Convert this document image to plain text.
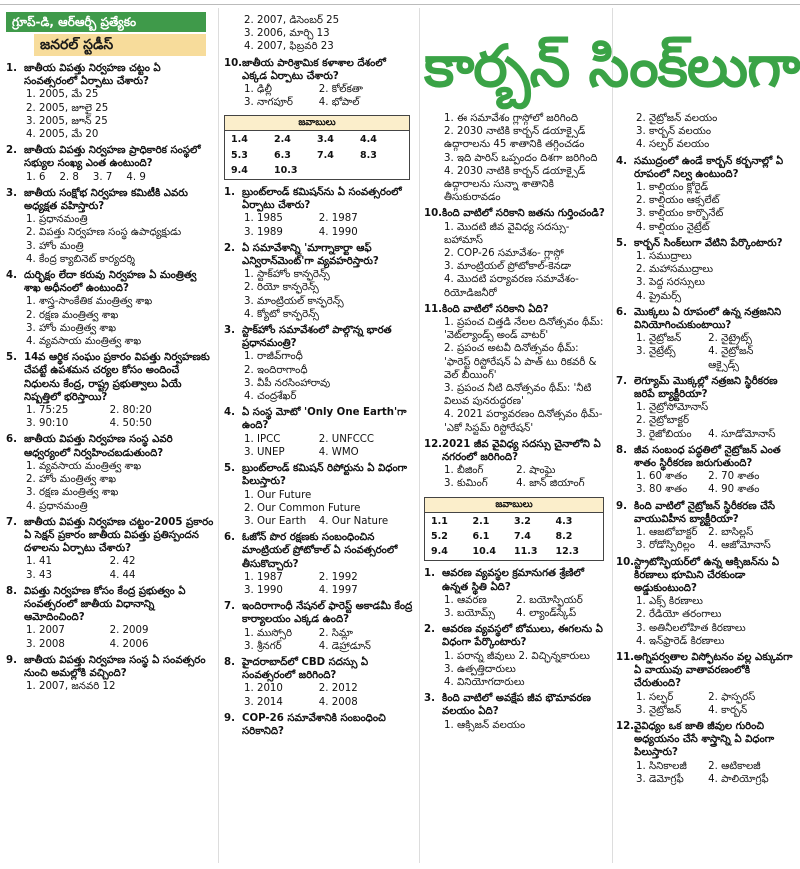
కార్బన్ సింక్‌లుగా
గ్రూప్-డి, ఆర్ఆర్బీ ప్రత్యేకం
జనరల్ స్టడీస్
1. జాతీయ విపత్తు నిర్వహణ చట్టం ఏ సంవత్సరంలో ఏర్పాటు చేశారు?
1. 2005, మే 25
2. 2005, జూలై 25
3. 2005, జూన్ 25
4. 2005, మే 20
2. జాతీయ విపత్తు నిర్వహణ ప్రాధికారిక సంస్థలో సభ్యుల సంఖ్య ఎంత ఉంటుంది?
1. 6 2. 8 3. 7 4. 9
3. జాతీయ సంక్షోభ నిర్వహణ కమిటీకి ఎవరు అధ్యక్షత వహిస్తారు?
1. ప్రధానమంత్రి
2. విపత్తు నిర్వహణ సంస్థ ఉపాధ్యక్షుడు
3. హోం మంత్రి
4. కేంద్ర క్యాబినెట్ కార్యదర్శి
4. దుర్భిక్షం లేదా కరువు నిర్వహణ ఏ మంత్రిత్వ శాఖ అధీనంలో ఉంటుంది?
1. శాస్త్ర-సాంకేతిక మంత్రిత్వ శాఖ
2. రక్షణ మంత్రిత్వ శాఖ
3. హోం మంత్రిత్వ శాఖ
4. వ్యవసాయ మంత్రిత్వ శాఖ
5. 14వ ఆర్థిక సంఘం ప్రకారం విపత్తు నిర్వహణకు చేపట్టే ఉపశమన చర్యల కోసం అందించే నిధులను కేంద్ర, రాష్ట్ర ప్రభుత్వాలు ఏయే నిష్పత్తిలో భరిస్తాయి?
1. 75:25	2. 80:20
3. 90:10	4. 50:50
6. జాతీయ విపత్తు నిర్వహణ సంస్థ ఎవరి ఆధ్వర్యంలో నిర్వహించబడుతుంది?
1. వ్యవసాయ మంత్రిత్వ శాఖ
2. హోం మంత్రిత్వ శాఖ
3. రక్షణ మంత్రిత్వ శాఖ
4. ప్రధానమంత్రి
7. జాతీయ విపత్తు నిర్వహణ చట్టం-2005 ప్రకారం ఏ సెక్షన్ ప్రకారం జాతీయ విపత్తు ప్రతిస్పందన దళాలను ఏర్పాటు చేశారు?
1. 41	2. 42
3. 43	4. 44
8. విపత్తు నిర్వహణ కోసం కేంద్ర ప్రభుత్వం ఏ సంవత్సరంలో జాతీయ విధానాన్ని ఆమోదించింది?
1. 2007	2. 2009
3. 2008	4. 2006
9. జాతీయ విపత్తు నిర్వహణ సంస్థ ఏ సంవత్సరం నుంచి అమల్లోకి వచ్చింది?
1. 2007, జనవరి 12
2. 2007, డిసెంబర్ 25
3. 2006, మార్చి 13
4. 2007, ఫిబ్రవరి 23
10. జాతీయ పారిశ్రామిక కళాశాల దేశంలో ఎక్కడ ఏర్పాటు చేశారు?
1. ఢిల్లీ	2. కోల్‌కతా
3. నాగపూర్	4. భోపాల్
జవాబులు
1.4	2.4	3.4	4.4
5.3	6.3	7.4	8.3
9.4	10.3
1. బ్రుంట్‌లాండ్ కమిషన్‌ను ఏ సంవత్సరంలో ఏర్పాటు చేశారు?
1. 1985	2. 1987
3. 1989	4. 1990
2. ఏ సమావేశాన్ని 'మాగ్నాకార్టా ఆఫ్ ఎన్విరాన్‌మెంట్'గా వ్యవహరిస్తారు?
1. స్టాక్‌హోం కాన్ఫరెన్స్
2. రియో కాన్ఫరెన్స్
3. మాంట్రియల్ కాన్ఫరెన్స్
4. క్యోటో కాన్ఫరెన్స్
3. స్టాక్‌హోం సమావేశంలో పాల్గొన్న భారత ప్రధానమంత్రి?
1. రాజీవ్‌గాంధీ
2. ఇందిరాగాంధీ
3. వీపీ నరసింహారావు
4. చంద్రశేఖర్
4. ఏ సంస్థ మోటో 'Only One Earth'గా ఉంది?
1. IPCC	2. UNFCCC
3. UNEP	4. WMO
5. బ్రుంట్‌లాండ్ కమిషన్ రిపోర్టును ఏ విధంగా పిలుస్తారు?
1. Our Future
2. Our Common Future
3. Our Earth	4. Our Nature
6. ఓజోన్ పొర రక్షణకు సంబంధించిన మాంట్రియల్ ప్రోటోకాల్ ఏ సంవత్సరంలో తీసుకొచ్చారు?
1. 1987	2. 1992
3. 1990	4. 1997
7. ఇందిరాగాంధీ నేషనల్ ఫారెస్ట్ అకాడమీ కేంద్ర కార్యాలయం ఎక్కడ ఉంది?
1. ముస్సోరి	2. సిమ్లా
3. శ్రీనగర్	4. డెహ్రాడూన్
8. హైదరాబాద్‌లో CBD సదస్సు ఏ సంవత్సరంలో జరిగింది?
1. 2010	2. 2012
3. 2014	4. 2008
9. COP-26 సమావేశానికి సంబంధించి సరికానిది?
1. ఈ సమావేశం గ్లాస్గోలో జరిగింది
2. 2030 నాటికి కార్బన్ డయాక్సైడ్ ఉద్గారాలను 45 శాతానికి తగ్గించడం
3. ఇది పారిస్ ఒప్పందం దిశగా జరిగింది
4. 2030 నాటికి కార్బన్ డయాక్సైడ్ ఉద్గారాలను సున్నా శాతానికి తీసుకురావడం
10. కింది వాటిలో సరికాని జతను గుర్తించండి?
1. మొదటి జీవ వైవిధ్య సదస్సు-బహామాస్
2. COP-26 సమావేశం- గ్లాస్గో
3. మాంట్రియల్ ప్రోటోకాల్-కెనడా
4. మొదటి పర్యావరణ సమావేశం-రియోడిజనీరో
11. కింది వాటిలో సరికాని ఏది?
1. ప్రపంచ చిత్తడి నేలల దినోత్సవం థీమ్: 'వెట్‌ల్యాండ్స్ అండ్ వాటర్'
2. ప్రపంచ అటవీ దినోత్సవం థీమ్: 'ఫారెస్ట్ రిస్టోరేషన్ ఏ పాత్ టు రికవరీ & వెల్ బీయింగ్'
3. ప్రపంచ నీటి దినోత్సవం థీమ్: 'నీటి విలువ పునరుద్ధరణ'
4. 2021 పర్యావరణం దినోత్సవం థీమ్- 'ఎకో సిస్టమ్ రిస్టోరేషన్'
12. 2021 జీవ వైవిధ్య సదస్సు చైనాలోని ఏ నగరంలో జరిగింది?
1. బీజింగ్	2. షాంఘై
3. కుమింగ్	4. జాన్ జియాంగ్
జవాబులు
1.1	2.1	3.2	4.3
5.2	6.1	7.4	8.2
9.4	10.4	11.3	12.3
1. ఆవరణ వ్యవస్థల క్రమానుగత శ్రేణిలో ఉన్నత స్థితి ఏది?
1. ఆవరణ	2. బయోస్ఫియర్
3. బయోమ్స్	4. ల్యాండ్‌స్కేప్
2. ఆవరణ వ్యవస్థలో బోములు, ఈగలను ఏ విధంగా పేర్కొంటారు?
1. పరాన్న జీవులు 2. విచ్ఛిన్నకారులు
3. ఉత్పత్తిదారులు
4. వినియోగదారులు
3. కింది వాటిలో అవక్షేప జీవ భౌమావరణ వలయం ఏది?
1. ఆక్సిజన్ వలయం
2. నైట్రోజన్ వలయం
3. కార్బన్ వలయం
4. సల్ఫర్ వలయం
4. సముద్రంలో ఉండే కార్బన్ కర్బనాల్లో ఏ రూపంలో నిల్వ ఉంటుంది?
1. కాల్షియం క్లోరైడ్
2. కాల్షియం ఆక్సలేట్
3. కాల్షియం కార్బొనేట్
4. కాల్షియం నైట్రేట్
5. కార్బన్ సింక్‌లుగా వేటిని పేర్కొంటారు?
1. సముద్రాలు
2. మహాసముద్రాలు
3. పెద్ద సరస్సులు
4. ప్రైమర్స్
6. మొక్కలు ఏ రూపంలో ఉన్న నత్రజనిని వినియోగించుకుంటాయి?
1. నైట్రోజన్	2. నైట్రైట్స్
3. నైట్రేట్స్	4. నైట్రోజన్ ఆక్సైడ్స్
7. లెగ్యూమ్ మొక్కల్లో నత్రజని స్థిరీకరణ జరిపే బ్యాక్టీరియా?
1. నైట్రోసోమోనాస్
2. నైట్రోబాక్టర్
3. రైజోబియం	4. సూడోమోనాస్
8. జీవ సంబంధ పద్ధతిలో నైట్రోజన్ ఎంత శాతం స్థిరీకరణ జరుగుతుంది?
1. 60 శాతం	2. 70 శాతం
3. 80 శాతం	4. 90 శాతం
9. కింది వాటిలో నైట్రోజన్ స్థిరీకరణ చేసే వాయువిహీన బ్యాక్టీరియా?
1. ఆజటోబాక్టర్	2. బాసిల్లస్
3. రోడోస్పిరిల్లం	4. ఆజోమోనాస్
10. స్ట్రాటోస్ఫియర్‌లో ఉన్న ఆక్సిజన్‌ను ఏ కిరణాలు భూమిని చేరకుండా అడ్డుకుంటుంది?
1. ఎక్స్ కిరణాలు
2. రేడియో తరంగాలు
3. అతినీలలోహిత కిరణాలు
4. ఇన్‌ఫ్రారెడ్ కిరణాలు
11. అగ్నిపర్వతాల విస్ఫోటనం వల్ల ఎక్కువగా ఏ వాయువు వాతావరణంలోకి చేరుతుంది?
1. సల్ఫర్	2. ఫాస్ఫరస్
3. నైట్రోజన్	4. కార్బన్
12. వైవిధ్యం ఒక జాతి జీవుల గురించి అధ్యయనం చేసే శాస్త్రాన్ని ఏ విధంగా పిలుస్తారు?
1. సినికాలజీ	2. ఆటికాలజీ
3. డెమోగ్రఫీ	4. పాలియోగ్రఫీ
